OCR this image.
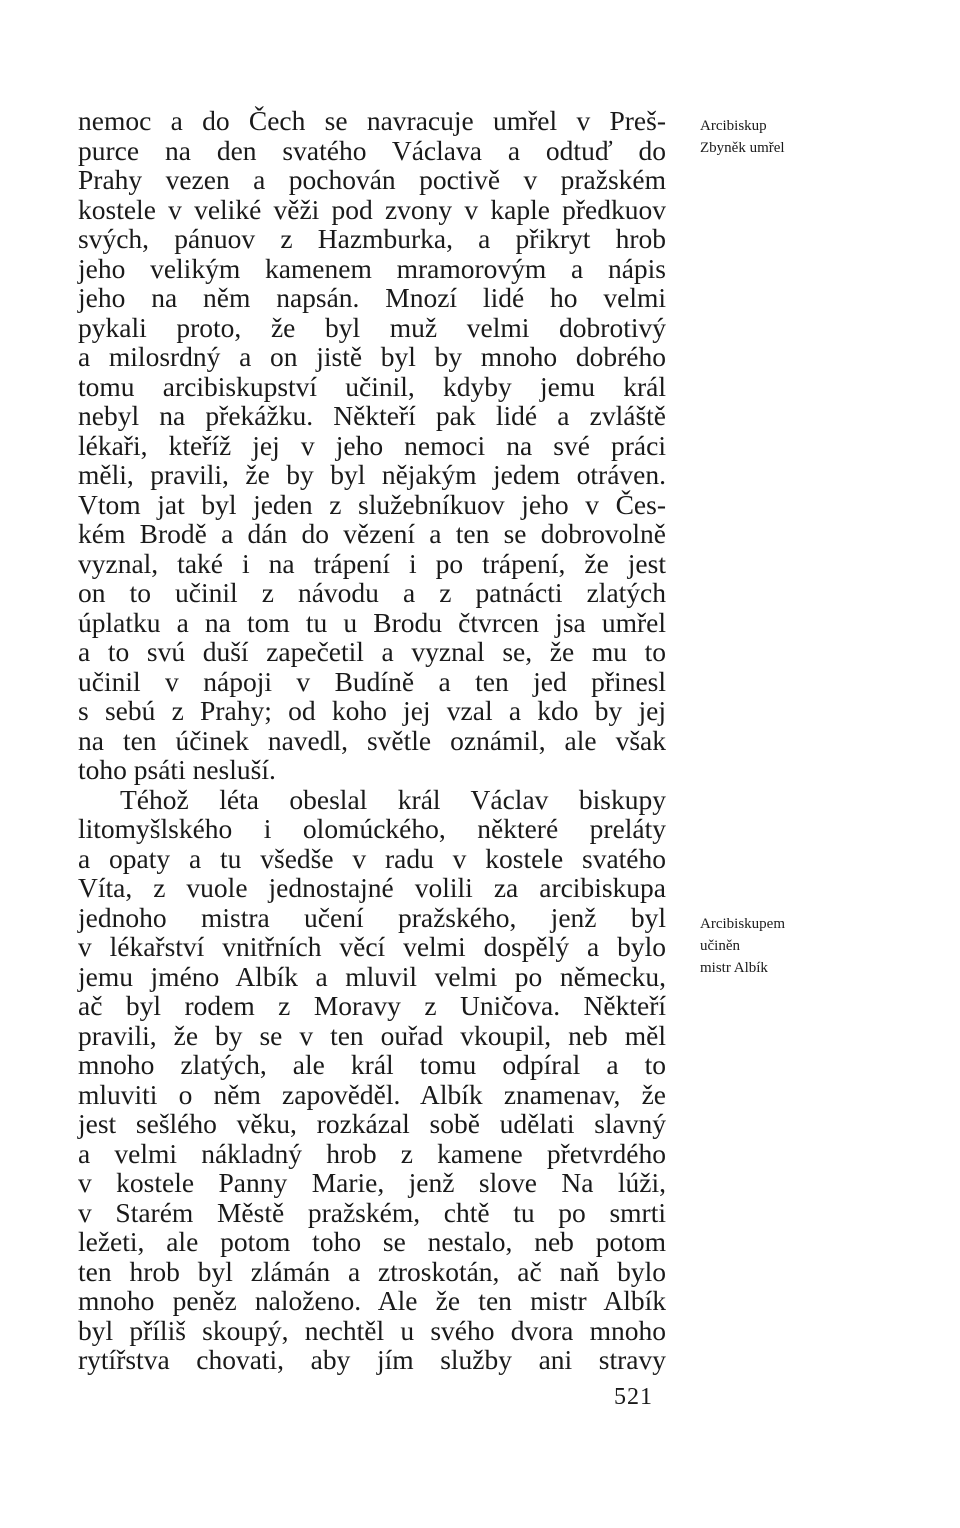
nemoc a do Čech se navracuje umřel v Preš-
purce na den svatého Václava a odtuď do
Prahy vezen a pochován poctivě v pražském
kostele v veliké věži pod zvony v kaple předkuov
svých, pánuov z Hazmburka, a přikryt hrob
jeho velikým kamenem mramorovým a nápis
jeho na něm napsán. Mnozí lidé ho velmi
pykali proto, že byl muž velmi dobrotivý
a milosrdný a on jistě byl by mnoho dobrého
tomu arcibiskupství učinil, kdyby jemu král
nebyl na překážku. Někteří pak lidé a zvláště
lékaři, kteříž jej v jeho nemoci na své práci
měli, pravili, že by byl nějakým jedem otráven.
Vtom jat byl jeden z služebníkuov jeho v Čes-
kém Brodě a dán do vězení a ten se dobrovolně
vyznal, také i na trápení i po trápení, že jest
on to učinil z návodu a z patnácti zlatých
úplatku a na tom tu u Brodu čtvrcen jsa umřel
a to svú duší zapečetil a vyznal se, že mu to
učinil v nápoji v Budíně a ten jed přinesl
s sebú z Prahy; od koho jej vzal a kdo by jej
na ten účinek navedl, světle oznámil, ale však
toho psáti nesluší.

Téhož léta obeslal král Václav biskupy
litomyšlského i olomúckého, některé preláty
a opaty a tu všedše v radu v kostele svatého
Víta, z vuole jednostajné volili za arcibiskupa
jednoho mistra učení pražského, jenž byl
v lékařství vnitřních věcí velmi dospělý a bylo
jemu jméno Albík a mluvil velmi po německu,
ač byl rodem z Moravy z Uničova. Někteří
pravili, že by se v ten ouřad vkoupil, neb měl
mnoho zlatých, ale král tomu odpíral a to
mluviti o něm zapověděl. Albík znamenav, že
jest sešlého věku, rozkázal sobě udělati slavný
a velmi nákladný hrob z kamene přetvrdého
v kostele Panny Marie, jenž slove Na lúži,
v Starém Městě pražském, chtě tu po smrti
ležeti, ale potom toho se nestalo, neb potom
ten hrob byl zlámán a ztroskotán, ač naň bylo
mnoho peněz naloženo. Ale že ten mistr Albík
byl příliš skoupý, nechtěl u svého dvora mnoho
rytířstva chovati, aby jím služby ani stravy

Arcibiskup
Zbyněk umřel
Arcibiskupem
učiněn
mistr Albík
521
